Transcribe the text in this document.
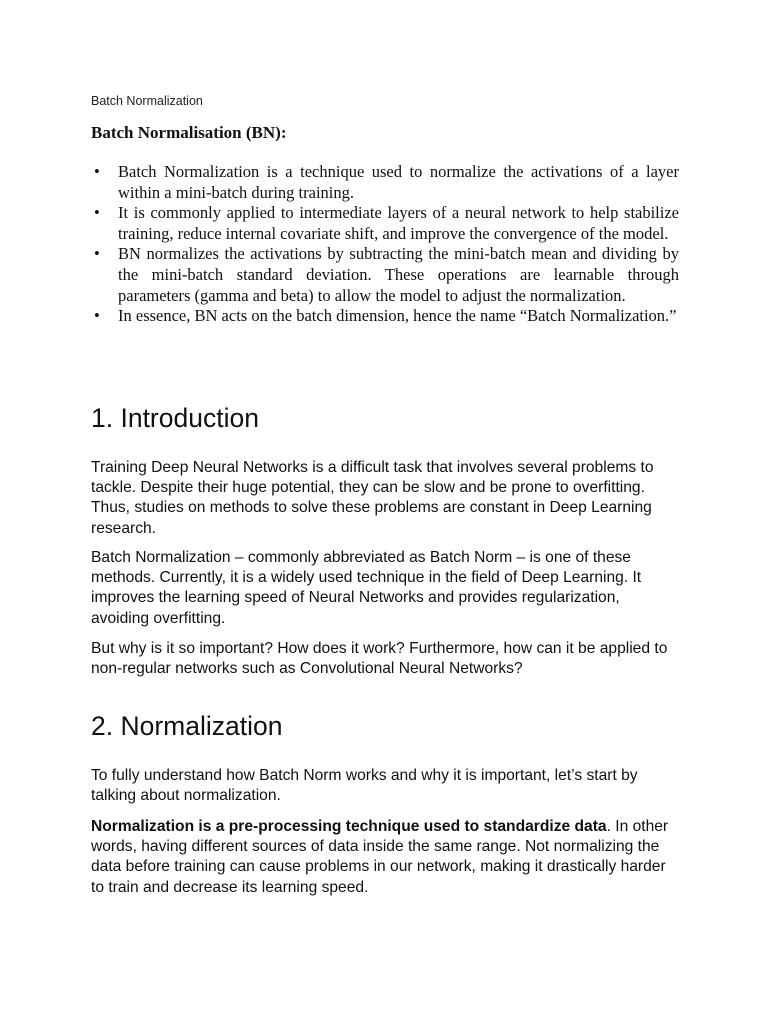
Batch Normalization
Batch Normalisation (BN):
• Batch Normalization is a technique used to normalize the activations of a layer within a mini-batch during training.
• It is commonly applied to intermediate layers of a neural network to help stabilize training, reduce internal covariate shift, and improve the convergence of the model.
• BN normalizes the activations by subtracting the mini-batch mean and dividing by the mini-batch standard deviation. These operations are learnable through parameters (gamma and beta) to allow the model to adjust the normalization.
• In essence, BN acts on the batch dimension, hence the name “Batch Normalization.”
1. Introduction

Training Deep Neural Networks is a difficult task that involves several problems to tackle. Despite their huge potential, they can be slow and be prone to overfitting. Thus, studies on methods to solve these problems are constant in Deep Learning research.

Batch Normalization – commonly abbreviated as Batch Norm – is one of these methods. Currently, it is a widely used technique in the field of Deep Learning. It improves the learning speed of Neural Networks and provides regularization, avoiding overfitting.

But why is it so important? How does it work? Furthermore, how can it be applied to non-regular networks such as Convolutional Neural Networks?

2. Normalization

To fully understand how Batch Norm works and why it is important, let’s start by talking about normalization.

Normalization is a pre-processing technique used to standardize data. In other words, having different sources of data inside the same range. Not normalizing the data before training can cause problems in our network, making it drastically harder to train and decrease its learning speed.
